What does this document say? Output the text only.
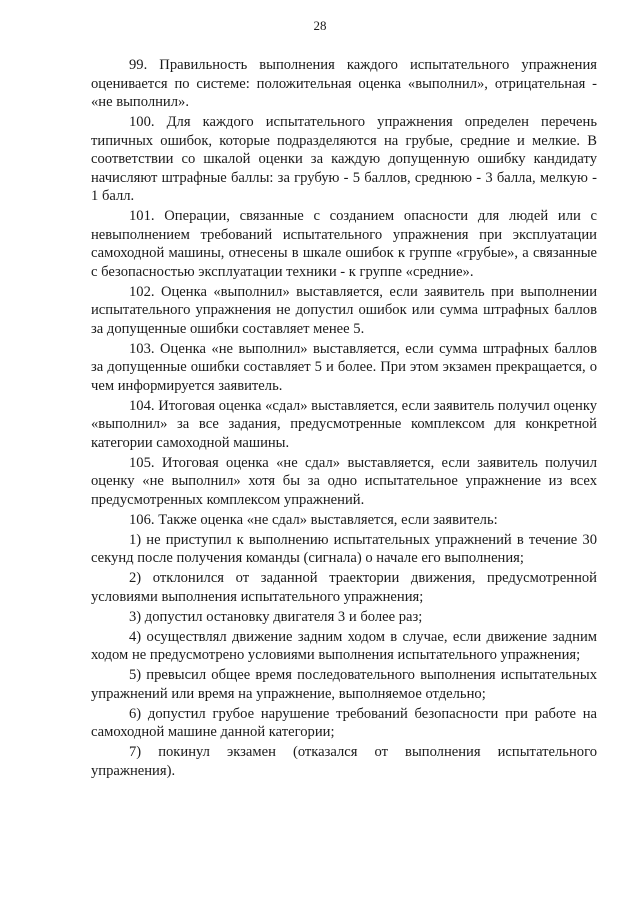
28

99. Правильность выполнения каждого испытательного упражнения оценивается по системе: положительная оценка «выполнил», отрицательная - «не выполнил».

100. Для каждого испытательного упражнения определен перечень типичных ошибок, которые подразделяются на грубые, средние и мелкие. В соответствии со шкалой оценки за каждую допущенную ошибку кандидату начисляют штрафные баллы: за грубую - 5 баллов, среднюю - 3 балла, мелкую - 1 балл.

101. Операции, связанные с созданием опасности для людей или с невыполнением требований испытательного упражнения при эксплуатации самоходной машины, отнесены в шкале ошибок к группе «грубые», а связанные с безопасностью эксплуатации техники - к группе «средние».

102. Оценка «выполнил» выставляется, если заявитель при выполнении испытательного упражнения не допустил ошибок или сумма штрафных баллов за допущенные ошибки составляет менее 5.

103. Оценка «не выполнил» выставляется, если сумма штрафных баллов за допущенные ошибки составляет 5 и более. При этом экзамен прекращается, о чем информируется заявитель.

104. Итоговая оценка «сдал» выставляется, если заявитель получил оценку «выполнил» за все задания, предусмотренные комплексом для конкретной категории самоходной машины.

105. Итоговая оценка «не сдал» выставляется, если заявитель получил оценку «не выполнил» хотя бы за одно испытательное упражнение из всех предусмотренных комплексом упражнений.

106. Также оценка «не сдал» выставляется, если заявитель:

1) не приступил к выполнению испытательных упражнений в течение 30 секунд после получения команды (сигнала) о начале его выполнения;

2) отклонился от заданной траектории движения, предусмотренной условиями выполнения испытательного упражнения;

3) допустил остановку двигателя 3 и более раз;

4) осуществлял движение задним ходом в случае, если движение задним ходом не предусмотрено условиями выполнения испытательного упражнения;

5) превысил общее время последовательного выполнения испытательных упражнений или время на упражнение, выполняемое отдельно;

6) допустил грубое нарушение требований безопасности при работе на самоходной машине данной категории;

7) покинул экзамен (отказался от выполнения испытательного упражнения).
